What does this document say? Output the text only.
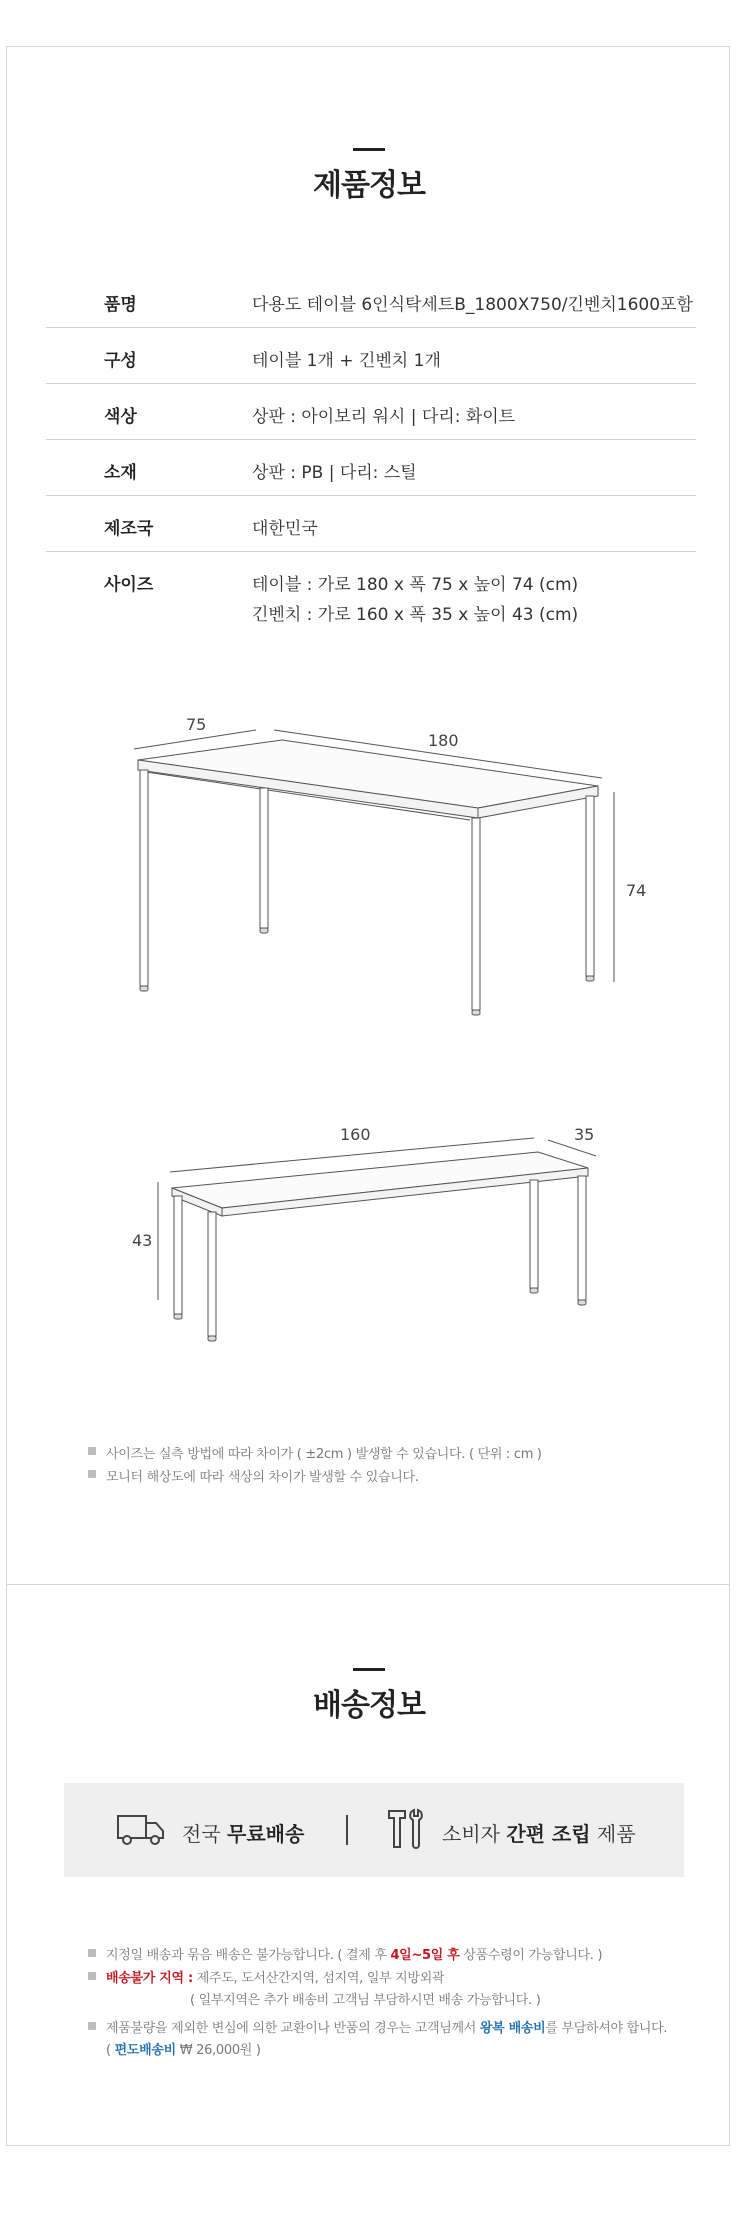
제품정보
품명	다용도 테이블 6인식탁세트B_1800X750/긴벤치1600포함
구성	테이블 1개 + 긴벤치 1개
색상	상판 : 아이보리 워시 | 다리: 화이트
소재	상판 : PB | 다리: 스틸
제조국	대한민국
사이즈	테이블 : 가로 180 x 폭 75 x 높이 74 (cm)
긴벤치 : 가로 160 x 폭 35 x 높이 43 (cm)
75
180
74
160	35
43
사이즈는 실측 방법에 따라 차이가 ( ±2cm ) 발생할 수 있습니다. ( 단위 : cm )
모니터 해상도에 따라 색상의 차이가 발생할 수 있습니다.
배송정보
전국 무료배송	소비자 간편 조립 제품
지정일 배송과 묶음 배송은 불가능합니다. ( 결제 후 4일~5일 후 상품수령이 가능합니다. )
배송불가 지역 : 제주도, 도서산간지역, 섬지역, 일부 지방외곽
( 일부지역은 추가 배송비 고객님 부담하시면 배송 가능합니다. )
제품불량을 제외한 변심에 의한 교환이나 반품의 경우는 고객님께서 왕복 배송비를 부담하셔야 합니다.
( 편도배송비 ₩ 26,000원 )
